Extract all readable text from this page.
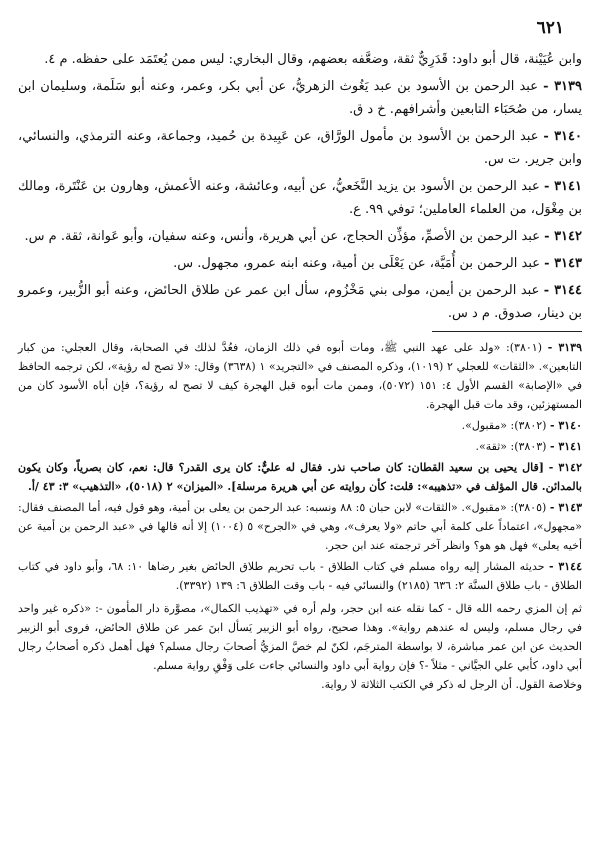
٦٢١

وابن عُيَيْنة، قال أبو داود: قَدَرِيٌّ ثقة، وضعَّفه بعضهم، وقال البخاري: ليس ممن يُعتَمَد على حفظه. م ٤.

٣١٣٩ - عبد الرحمن بن الأسود بن عبد يَغُوث الزهريُّ، عن أبي بكر، وعمر، وعنه أبو سَلَمة، وسليمان ابن يسار، من صُحَبَاء التابعين وأشرافهم. خ د ق.

٣١٤٠ - عبد الرحمن بن الأسود بن مأمول الورَّاق، عن عَبِيدة بن حُميد، وجماعة، وعنه الترمذي، والنسائي، وابن جرير. ت س.

٣١٤١ - عبد الرحمن بن الأسود بن يزيد النَّخَعيُّ، عن أبيه، وعائشة، وعنه الأعمش، وهارون بن عَنْتَرة، ومالك بن مِغْوَل، من العلماء العاملين؛ توفي ٩٩. ع.

٣١٤٢ - عبد الرحمن بن الأصمِّ، مؤذِّن الحجاج، عن أبي هريرة، وأنس، وعنه سفيان، وأبو عَوانة، ثقة. م س.

٣١٤٣ - عبد الرحمن بن أُمَيَّة، عن يَعْلَى بن أمية، وعنه ابنه عمرو، مجهول. س.

٣١٤٤ - عبد الرحمن بن أيمن، مولى بني مَخْزُوم، سأل ابن عمر عن طلاق الحائض، وعنه أبو الزُّبير، وعمرو بن دينار، صدوق. م د س.

٣١٣٩ - (٣٨٠١): «ولد على عهد النبي ﷺ، ومات أبوه في ذلك الزمان، فعُدَّ لذلك في الصحابة، وقال العجلي: من كبار التابعين». «الثقات» للعجلي ٢ (١٠١٩)، وذكره المصنف في «التجريد» ١ (٣٦٣٨) وقال: «لا تصح له رؤية»، لكن ترجمه الحافظ في «الإصابة» القسم الأول ٤: ١٥١ (٥٠٧٢)، وممن مات أبوه قبل الهجرة كيف لا تصح له رؤية؟، فإن أباه الأسود كان من المستهزئين، وقد مات قبل الهجرة.

٣١٤٠ - (٣٨٠٢): «مقبول».

٣١٤١ - (٣٨٠٣): «ثقة».

٣١٤٢ - [قال يحيى بن سعيد القطان: كان صاحب نذر. فقال له عليٌّ: كان يرى القدر؟ قال: نعم، كان بصرياً، وكان يكون بالمدائن. قال المؤلف في «تذهيبه»: قلت: كأن روايته عن أبي هريرة مرسلة]. «الميزان» ٢ (٥٠١٨)، «التذهيب» ٣: ٤٣ /أ.

٣١٤٣ - (٣٨٠٥): «مقبول». «الثقات» لابن حبان ٥: ٨٨ ونسبه: عبد الرحمن بن يعلى بن أمية، وهو قول فيه، أما المصنف فقال: «مجهول»، اعتماداً على كلمة أبي حاتم «ولا يعرف»، وهي في «الجرح» ٥ (١٠٠٤) إلا أنه قالها في «عبد الرحمن بن أمية عن أخيه يعلى» فهل هو هو؟ وانظر آخر ترجمته عند ابن حجر.

٣١٤٤ - حديثه المشار إليه رواه مسلم في كتاب الطلاق - باب تحريم طلاق الحائض بغير رضاها ١٠: ٦٨، وأبو داود في كتاب الطلاق - باب طلاق السنَّة ٢: ٦٣٦ (٢١٨٥) والنسائي فيه - باب وقت الطلاق ٦: ١٣٩ (٣٣٩٢).

ثم إن المزي رحمه الله قال - كما نقله عنه ابن حجر، ولم أره في «تهذيب الكمال»، مصوَّرة دار المأمون -: «ذكره غير واحد في رجال مسلم، وليس له عندهم رواية». وهذا صحيح، رواه أبو الزبير يَسأل ابنَ عمر عن طلاق الحائض، فروى أبو الزبير الحديث عن ابن عمر مباشرة، لا بواسطة المترجَم، لكنّ لم خصَّ المزيُّ أصحابَ رجال مسلم؟ فهل أهمل ذكره أصحابُ رجال أبي داود، كأبي علي الجيَّاني - مثلاً -؟ فإن رواية أبي داود والنسائي جاءت على وَفْقِ رواية مسلم.

وخلاصة القول. أن الرجل له ذكر في الكتب الثلاثة لا رواية.
